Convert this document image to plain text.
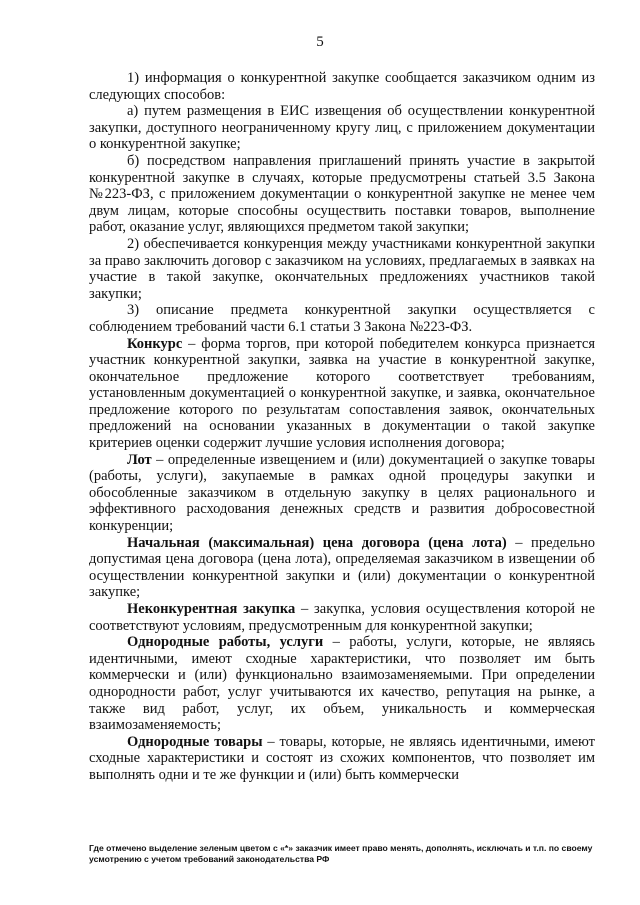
5

1) информация о конкурентной закупке сообщается заказчиком одним из следующих способов:

а) путем размещения в ЕИС извещения об осуществлении конкурентной закупки, доступного неограниченному кругу лиц, с приложением документации о конкурентной закупке;

б) посредством направления приглашений принять участие в закрытой конкурентной закупке в случаях, которые предусмотрены статьей 3.5 Закона №223-ФЗ, с приложением документации о конкурентной закупке не менее чем двум лицам, которые способны осуществить поставки товаров, выполнение работ, оказание услуг, являющихся предметом такой закупки;

2) обеспечивается конкуренция между участниками конкурентной закупки за право заключить договор с заказчиком на условиях, предлагаемых в заявках на участие в такой закупке, окончательных предложениях участников такой закупки;

3) описание предмета конкурентной закупки осуществляется с соблюдением требований части 6.1 статьи 3 Закона №223-ФЗ.

Конкурс – форма торгов, при которой победителем конкурса признается участник конкурентной закупки, заявка на участие в конкурентной закупке, окончательное предложение которого соответствует требованиям, установленным документацией о конкурентной закупке, и заявка, окончательное предложение которого по результатам сопоставления заявок, окончательных предложений на основании указанных в документации о такой закупке критериев оценки содержит лучшие условия исполнения договора;

Лот – определенные извещением и (или) документацией о закупке товары (работы, услуги), закупаемые в рамках одной процедуры закупки и обособленные заказчиком в отдельную закупку в целях рационального и эффективного расходования денежных средств и развития добросовестной конкуренции;

Начальная (максимальная) цена договора (цена лота) – предельно допустимая цена договора (цена лота), определяемая заказчиком в извещении об осуществлении конкурентной закупки и (или) документации о конкурентной закупке;

Неконкурентная закупка – закупка, условия осуществления которой не соответствуют условиям, предусмотренным для конкурентной закупки;

Однородные работы, услуги – работы, услуги, которые, не являясь идентичными, имеют сходные характеристики, что позволяет им быть коммерчески и (или) функционально взаимозаменяемыми. При определении однородности работ, услуг учитываются их качество, репутация на рынке, а также вид работ, услуг, их объем, уникальность и коммерческая взаимозаменяемость;

Однородные товары – товары, которые, не являясь идентичными, имеют сходные характеристики и состоят из схожих компонентов, что позволяет им выполнять одни и те же функции и (или) быть коммерчески

Где отмечено выделение зеленым цветом с «*» заказчик имеет право менять, дополнять, исключать и т.п. по своему усмотрению с учетом требований законодательства РФ
